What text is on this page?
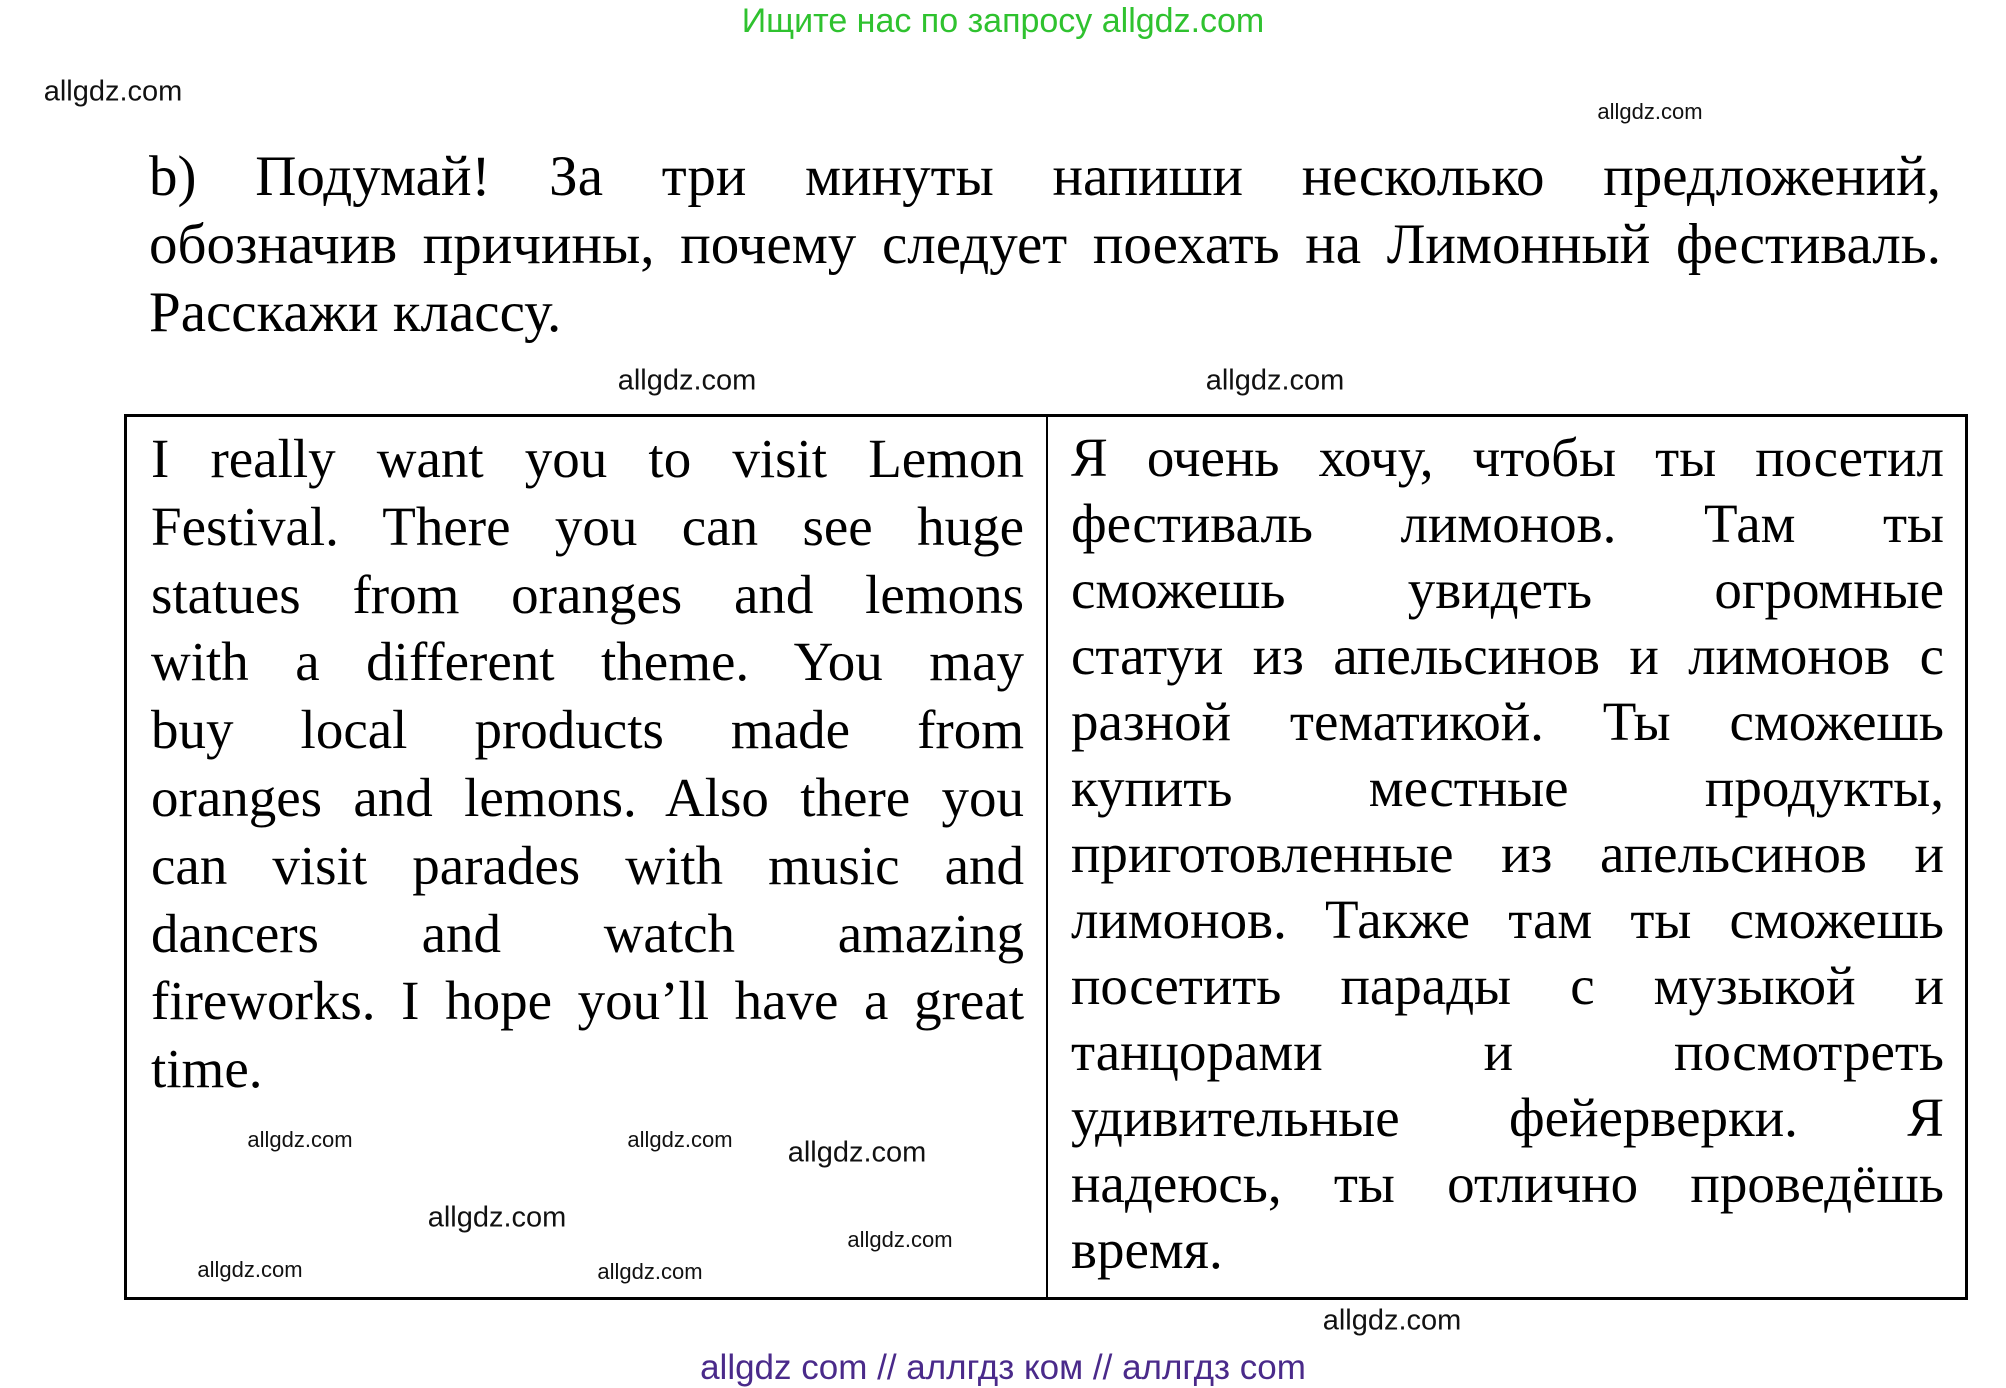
Ищите нас по запросу allgdz.com
allgdz.com
allgdz.com
allgdz.com
allgdz.com
b) Подумай! За три минуты напиши несколько предложений,
обозначив причины, почему следует поехать на Лимонный фестиваль.
Расскажи классу.
I really want you to visit Lemon
Festival. There you can see huge
statues from oranges and lemons
with a different theme. You may
buy local products made from
oranges and lemons. Also there you
can visit parades with music and
dancers and watch amazing
fireworks. I hope you’ll have a great
time.
Я очень хочу, чтобы ты посетил
фестиваль лимонов. Там ты
сможешь увидеть огромные
статуи из апельсинов и лимонов с
разной тематикой. Ты сможешь
купить местные продукты,
приготовленные из апельсинов и
лимонов. Также там ты сможешь
посетить парады с музыкой и
танцорами и посмотреть
удивительные фейерверки. Я
надеюсь, ты отлично проведёшь
время.
allgdz.com
allgdz.com
allgdz.com
allgdz.com
allgdz.com
allgdz.com
allgdz.com
allgdz.com
allgdz com // аллгдз ком // аллгдз com
